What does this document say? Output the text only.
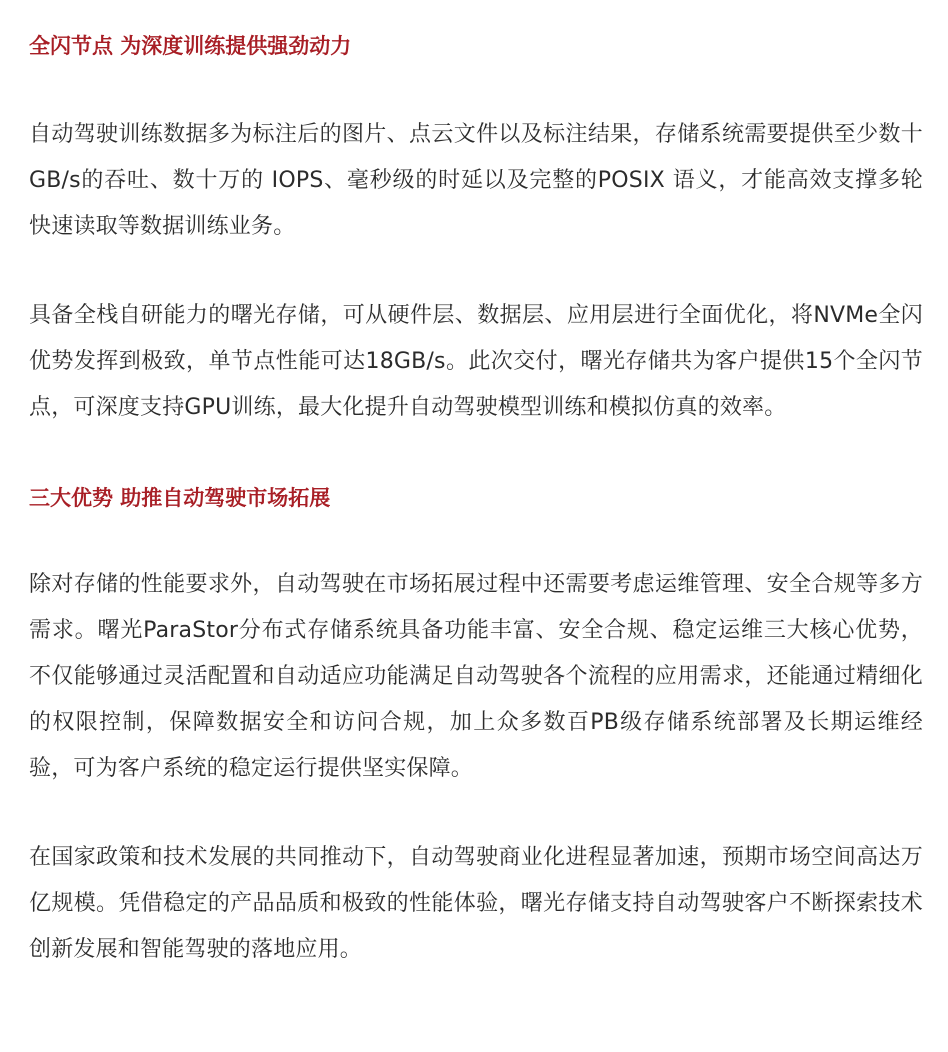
全闪节点 为深度训练提供强劲动力

自动驾驶训练数据多为标注后的图片、点云文件以及标注结果，存储系统需要提供至少数十GB/s的吞吐、数十万的 IOPS、毫秒级的时延以及完整的POSIX 语义，才能高效支撑多轮快速读取等数据训练业务。

具备全栈自研能力的曙光存储，可从硬件层、数据层、应用层进行全面优化，将NVMe全闪优势发挥到极致，单节点性能可达18GB/s。此次交付，曙光存储共为客户提供15个全闪节点，可深度支持GPU训练，最大化提升自动驾驶模型训练和模拟仿真的效率。

三大优势 助推自动驾驶市场拓展

除对存储的性能要求外，自动驾驶在市场拓展过程中还需要考虑运维管理、安全合规等多方需求。曙光ParaStor分布式存储系统具备功能丰富、安全合规、稳定运维三大核心优势，不仅能够通过灵活配置和自动适应功能满足自动驾驶各个流程的应用需求，还能通过精细化的权限控制，保障数据安全和访问合规，加上众多数百PB级存储系统部署及长期运维经验，可为客户系统的稳定运行提供坚实保障。

在国家政策和技术发展的共同推动下，自动驾驶商业化进程显著加速，预期市场空间高达万亿规模。凭借稳定的产品品质和极致的性能体验，曙光存储支持自动驾驶客户不断探索技术创新发展和智能驾驶的落地应用。
